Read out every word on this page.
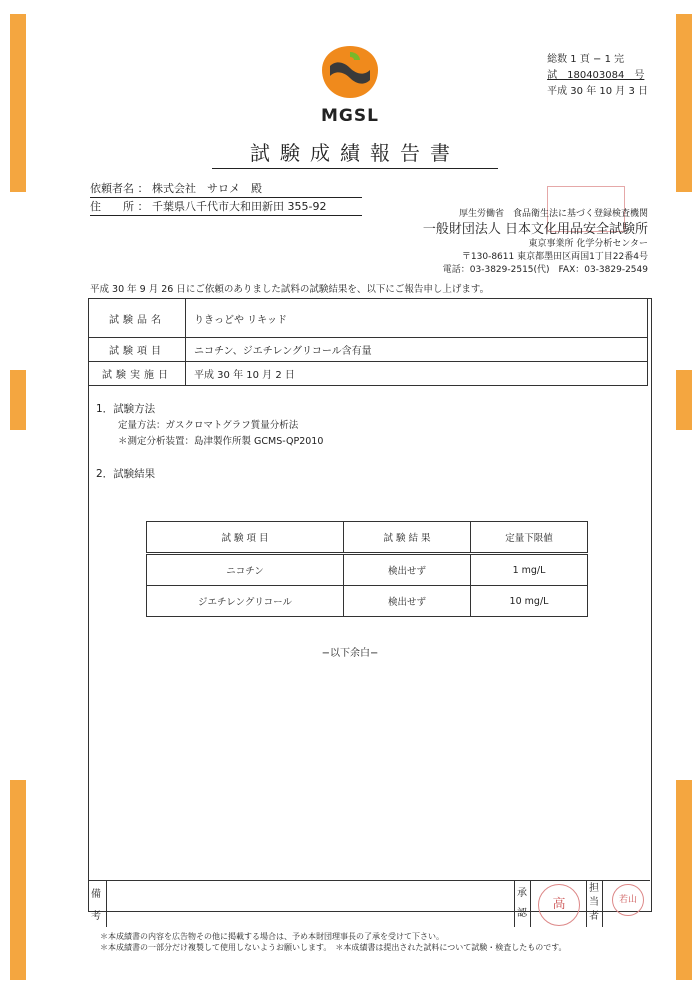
MGSL
総数 1 頁 − 1 完
試　180403084　号
平成 30 年 10 月 3 日
試験成績報告書
依頼者名 ： 株式会社　サロメ　殿
住　　所 ： 千葉県八千代市大和田新田 355-92
厚生労働省　食品衛生法に基づく登録検査機関
一般財団法人 日本文化用品安全試験所
東京事業所 化学分析センター
〒130-8611 東京都墨田区両国1丁目22番4号
電話：03-3829-2515(代)　FAX：03-3829-2549
平成 30 年 9 月 26 日にご依頼のありました試料の試験結果を、以下にご報告申し上げます。
試験品名	りきっどや リキッド
試験項目	ニコチン、ジエチレングリコール含有量
試験実施日	平成 30 年 10 月 2 日
1．試験方法
定量方法：ガスクロマトグラフ質量分析法
＊測定分析装置：島津製作所製 GCMS-QP2010
2．試験結果
試 験 項 目	試 験 結 果	定量下限値
ニコチン	検出せず	1 mg/L
ジエチレングリコール	検出せず	10 mg/L
−以下余白−
備考
承認
担当者
高	若山
＊本成績書の内容を広告物その他に掲載する場合は、予め本財団理事長の了承を受けて下さい。
＊本成績書の一部分だけ複製して使用しないようお願いします。　＊本成績書は提出された試料について試験・検査したものです。
